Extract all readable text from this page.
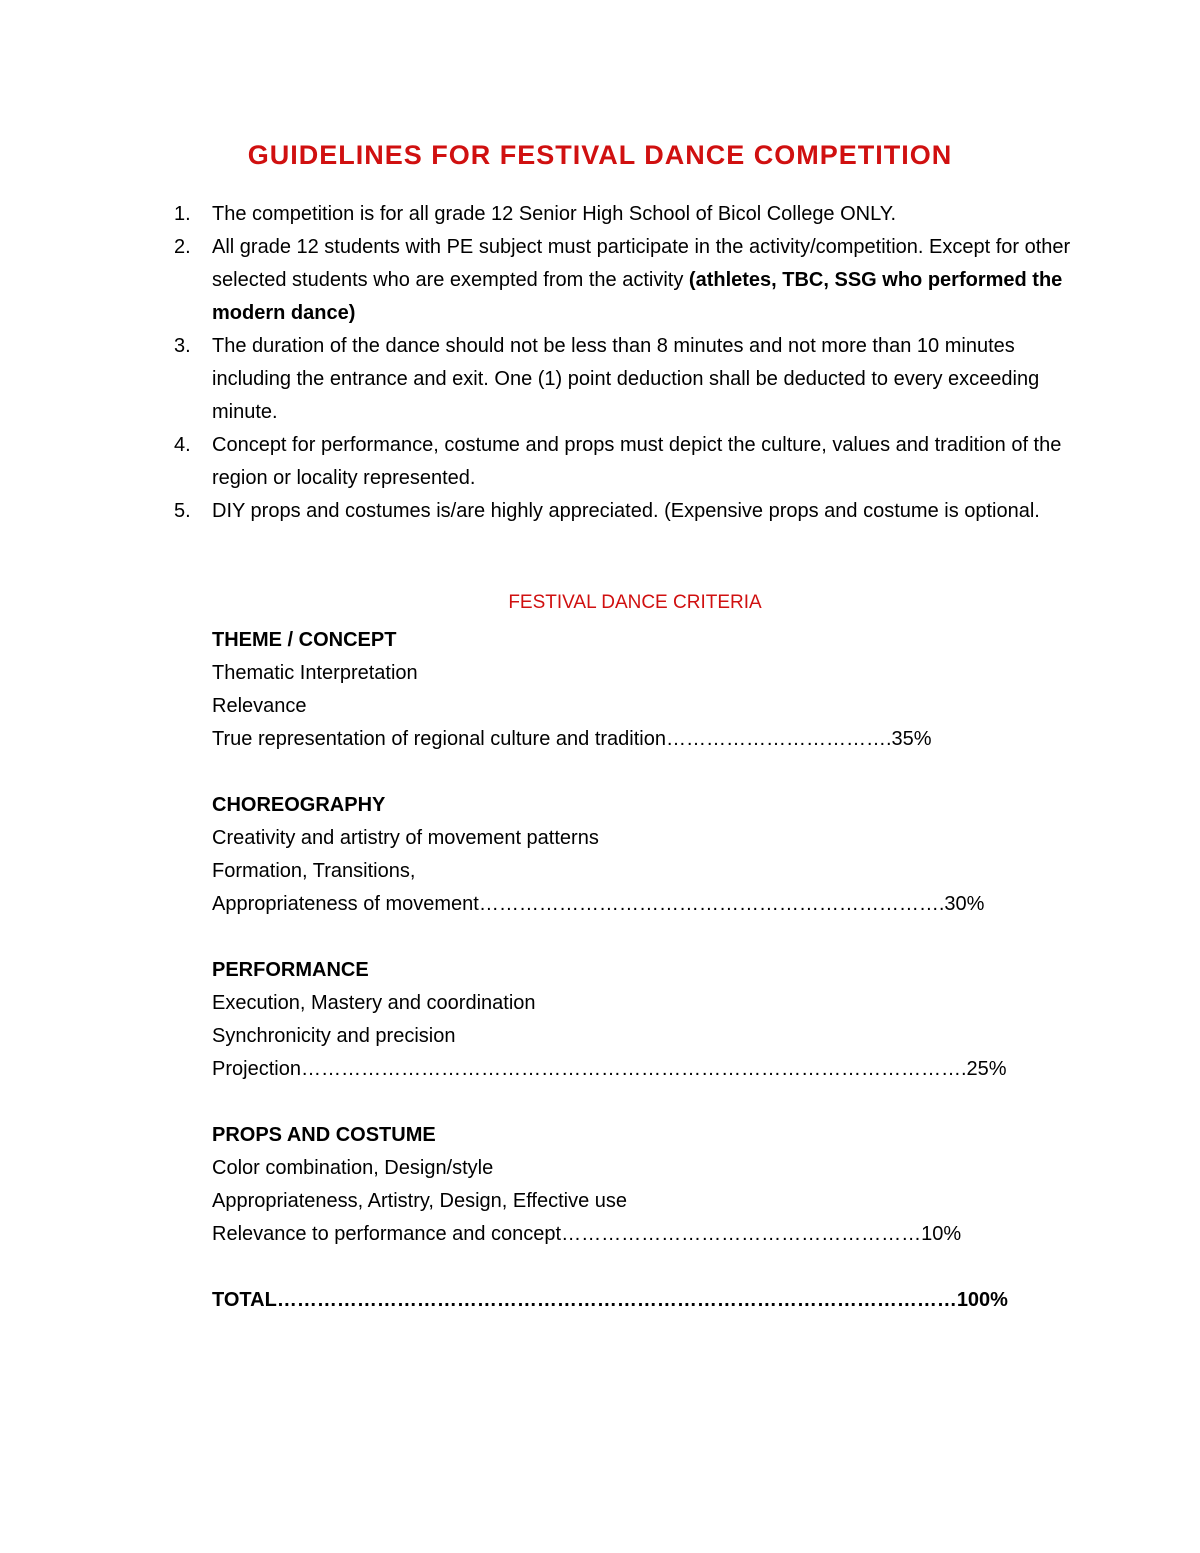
GUIDELINES FOR FESTIVAL DANCE COMPETITION
1.	The competition is for all grade 12 Senior High School of Bicol College ONLY.
2.	All grade 12 students with PE subject must participate in the activity/competition. Except for other selected students who are exempted from the activity (athletes, TBC, SSG who performed the modern dance)
3.	The duration of the dance should not be less than 8 minutes and not more than 10 minutes including the entrance and exit. One (1) point deduction shall be deducted to every exceeding minute.
4.	Concept for performance, costume and props must depict the culture, values and tradition of the region or locality represented.
5.	DIY props and costumes is/are highly appreciated. (Expensive props and costume is optional.
FESTIVAL DANCE CRITERIA
THEME / CONCEPT
Thematic Interpretation
Relevance
True representation of regional culture and tradition ……………………………. 35%
CHOREOGRAPHY
Creativity and artistry of movement patterns
Formation, Transitions,
Appropriateness of movement ……………………………………………………………. 30%
PERFORMANCE
Execution, Mastery and coordination
Synchronicity and precision
Projection ………………………………………………………………………………………. 25%
PROPS AND COSTUME
Color combination, Design/style
Appropriateness, Artistry, Design, Effective use
Relevance to performance and concept ……………………………………………… 10%
TOTAL ………………………………………………………………………………………… 100%
